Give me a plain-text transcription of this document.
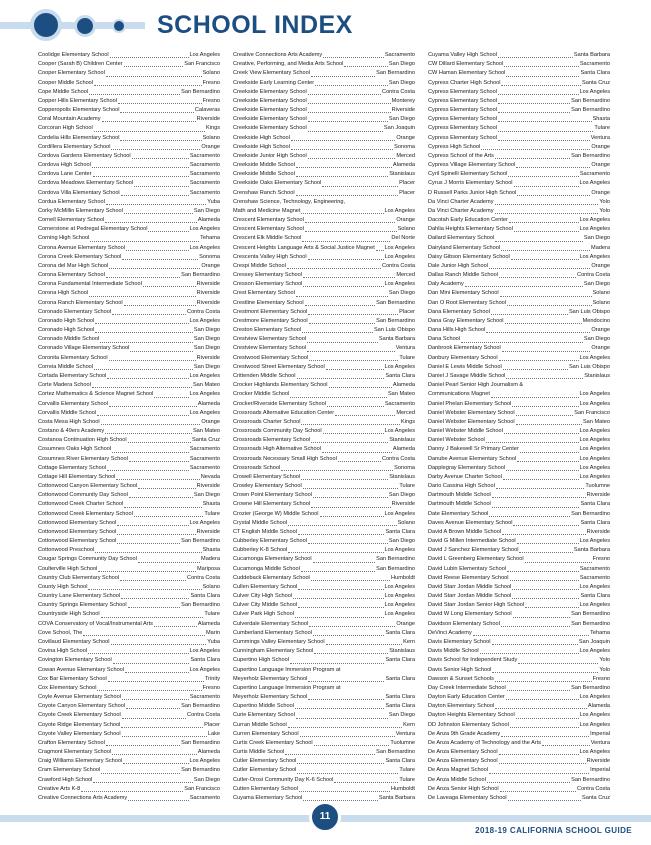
SCHOOL INDEX
Coolidge Elementary School	Los Angeles
Cooper (Sarah B) Children Center	San Francisco
Cooper Elementary School	Solano
Cooper Middle School	Fresno
Cope Middle School	San Bernardino
Copper Hills Elementary School	Fresno
Copperopolis Elementary School	Calaveras
Coral Mountain Academy	Riverside
Corcoran High School	Kings
Cordelia Hills Elementary School	Solano
Cordillera Elementary School	Orange
Cordova Gardens Elementary School	Sacramento
Cordova High School	Sacramento
Cordova Lane Center	Sacramento
Cordova Meadows Elementary School	Sacramento
Cordova Villa Elementary School	Sacramento
Cordua Elementary School	Yuba
Corky McMillin Elementary School	San Diego
Cornell Elementary School	Alameda
Cornerstone at Pedregal Elementary School	Los Angeles
Corning High School	Tehama
Corona Avenue Elementary School	Los Angeles
Corona Creek Elementary School	Sonoma
Corona del Mar High School	Orange
Corona Elementary School	San Bernardino
Corona Fundamental Intermediate School	Riverside
Corona High School	Riverside
Corona Ranch Elementary School	Riverside
Coronado Elementary School	Contra Costa
Coronado High School	Los Angeles
Coronado High School	San Diego
Coronado Middle School	San Diego
Coronado Village Elementary School	San Diego
Coronita Elementary School	Riverside
Correia Middle School	San Diego
Cortada Elementary School	Los Angeles
Corte Madera School	San Mateo
Cortez Mathematics & Science Magnet School	Los Angeles
Corvallis Elementary School	Alameda
Corvallis Middle School	Los Angeles
Costa Mesa High School	Orange
Costano & 49ers Academy	San Mateo
Costanoa Continuation High School	Santa Cruz
Cosumnes Oaks High School	Sacramento
Cosumnes River Elementary School	Sacramento
Cottage Elementary School	Sacramento
Cottage Hill Elementary School	Nevada
Cottonwood Canyon Elementary School	Riverside
Cottonwood Community Day School	San Diego
Cottonwood Creek Charter School	Shasta
Cottonwood Creek Elementary School	Tulare
Cottonwood Elementary School	Los Angeles
Cottonwood Elementary School	Riverside
Cottonwood Elementary School	San Bernardino
Cottonwood Preschool	Shasta
Cougar Springs Community Day School	Madera
Coulterville High School	Mariposa
Country Club Elementary School	Contra Costa
County High School	Solano
Country Lane Elementary School	Santa Clara
Country Springs Elementary School	San Bernardino
Countryside High School	Tulare
COVA Conservatory of Vocal/Instrumental Arts	Alameda
Cove School, The	Marin
Covillaud Elementary School	Yuba
Covina High School	Los Angeles
Covington Elementary School	Santa Clara
Cowan Avenue Elementary School	Los Angeles
Cox Bar Elementary School	Trinity
Cox Elementary School	Fresno
Coyle Avenue Elementary School	Sacramento
Coyote Canyon Elementary School	San Bernardino
Coyote Creek Elementary School	Contra Costa
Coyote Ridge Elementary School	Placer
Coyote Valley Elementary School	Lake
Crafton Elementary School	San Bernardino
Cragmont Elementary School	Alameda
Craig Williams Elementary School	Los Angeles
Cram Elementary School	San Bernardino
Crawford High School	San Diego
Creative Arts K-8	San Francisco
Creative Connections Arts Academy	Sacramento
Creative Connections Arts Academy	Sacramento
Creative, Performing, and Media Arts School	San Diego
Creek View Elementary School	San Bernardino
Creekside Early Learning Center	San Diego
Creekside Elementary School	Contra Costa
Creekside Elementary School	Monterey
Creekside Elementary School	Riverside
Creekside Elementary School	San Diego
Creekside Elementary School	San Joaquin
Creekside High School	Orange
Creekside High School	Sonoma
Creekside Junior High School	Merced
Creekside Middle School	Alameda
Creekside Middle School	Stanislaus
Creekside Oaks Elementary School	Placer
Crenshaw Ranch School	Placer
Crenshaw Science, Technology, Engineering,
Math and Medicine Magnet	Los Angeles
Crescent Elementary School	Orange
Crescent Elementary School	Solano
Crescent Elk Middle School	Del Norte
Crescent Heights Language Arts & Social Justice Magnet Los Angeles
Crescenta Valley High School	Los Angeles
Crespi Middle School	Contra Costa
Cressey Elementary School	Merced
Cresson Elementary School	Los Angeles
Crest Elementary School	San Diego
Crestline Elementary School	San Bernardino
Crestmont Elementary School	Placer
Crestmore Elementary School	San Bernardino
Creston Elementary School	San Luis Obispo
Crestview Elementary School	Santa Barbara
Crestview Elementary School	Ventura
Crestwood Elementary School	Tulare
Crestwood Street Elementary School	Los Angeles
Crittenden Middle School	Santa Clara
Crocker Highlands Elementary School	Alameda
Crocker Middle School	San Mateo
Crocker/Riverside Elementary School	Sacramento
Crossroads Alternative Education Center	Merced
Crossroads Charter School	Kings
Crossroads Community Day School	Los Angeles
Crossroads Elementary School	Stanislaus
Crossroads High Alternative School	Alameda
Crossroads Necessary Small High School	Contra Costa
Crossroads School	Sonoma
Crowell Elementary School	Stanislaus
Crowley Elementary School	Tulare
Crown Point Elementary School	San Diego
Crowne Hill Elementary School	Riverside
Crozier (George W) Middle School	Los Angeles
Crystal Middle School	Solano
CT English Middle School	Santa Clara
Cubberley Elementary School	San Diego
Cubberley K-8 School	Los Angeles
Cucamonga Elementary School	San Bernardino
Cucamonga Middle School	San Bernardino
Cuddeback Elementary School	Humboldt
Cullen Elementary School	Los Angeles
Culver City High School	Los Angeles
Culver City Middle School	Los Angeles
Culver Park High School	Los Angeles
Culverdale Elementary School	Orange
Cumberland Elementary School	Santa Clara
Cummings Valley Elementary School	Kern
Cunningham Elementary School	Stanislaus
Cupertino High School	Santa Clara
Cupertino Language Immersion Program at
Meyerholz Elementary School	Santa Clara
Cupertino Language Immersion Program at
Meyerholz Elementary School	Santa Clara
Cupertino Middle School	Santa Clara
Curie Elementary School	San Diego
Curran Middle School	Kern
Curren Elementary School	Ventura
Curtis Creek Elementary School	Tuolumne
Curtis Middle School	San Bernardino
Cutler Elementary School	Santa Clara
Cutler Elementary School	Tulare
Cutler-Orosi Community Day K-6 School	Tulare
Cutten Elementary School	Humboldt
Cuyama Elementary School	Santa Barbara
Cuyama Valley High School	Santa Barbara
CW Dillard Elementary School	Sacramento
CW Haman Elementary School	Santa Clara
Cypress Charter High School	Santa Cruz
Cypress Elementary School	Los Angeles
Cypress Elementary School	San Bernardino
Cypress Elementary School	San Bernardino
Cypress Elementary School	Shasta
Cypress Elementary School	Tulare
Cypress Elementary School	Ventura
Cypress High School	Orange
Cypress School of the Arts	San Bernardino
Cypress Village Elementary School	Orange
Cyril Spinelli Elementary School	Sacramento
Cyrus J Morris Elementary School	Los Angeles
D Russell Parks Junior High School	Orange
Da Vinci Charter Academy	Yolo
Da Vinci Charter Academy	Yolo
Dacotah Early Education Center	Los Angeles
Dahlia Heights Elementary School	Los Angeles
Dailard Elementary School	San Diego
Dairyland Elementary School	Madera
Daisy Gibson Elementary School	Los Angeles
Dale Junior High School	Orange
Dallas Ranch Middle School	Contra Costa
Daly Academy	San Diego
Dan Mini Elementary School	Solano
Dan O Root Elementary School	Solano
Dana Elementary School	San Luis Obispo
Dana Gray Elementary School	Mendocino
Dana Hills High School	Orange
Dana School	San Diego
Danbrook Elementary School	Orange
Danbury Elementary School	Los Angeles
Daniel E Lewis Middle School	San Luis Obispo
Daniel J Savage Middle School	Stanislaus
Daniel Pearl Senior High Journalism &
Communications Magnet	Los Angeles
Daniel Phelan Elementary School	Los Angeles
Daniel Webster Elementary School	San Francisco
Daniel Webster Elementary School	San Mateo
Daniel Webster Middle School	Los Angeles
Daniel Webster School	Los Angeles
Danny J Bakewell Sr Primary Center	Los Angeles
Danube Avenue Elementary School	Los Angeles
Dapplegray Elementary School	Los Angeles
Darby Avenue Charter School	Los Angeles
Dario Cassina High School	Tuolumne
Dartmouth Middle School	Riverside
Dartmouth Middle School	Santa Clara
Date Elementary School	San Bernardino
Daves Avenue Elementary School	Santa Clara
David A Brown Middle School	Riverside
David G Millen Intermediate School	Los Angeles
David J Sanchez Elementary School	Santa Barbara
David L Greenberg Elementary School	Fresno
David Lubin Elementary School	Sacramento
David Reese Elementary School	Sacramento
David Starr Jordan Middle School	Los Angeles
David Starr Jordan Middle School	Santa Clara
David Starr Jordan Senior High School	Los Angeles
David W Long Elementary School	San Bernardino
Davidson Elementary School	San Bernardino
DeVinci Academy	Tehama
Davis Elementary School	San Joaquin
Davis Middle School	Los Angeles
Davis School for Independent Study	Yolo
Davis Senior High School	Yolo
Dawson & Sunset Schools	Fresno
Day Creek Intermediate School	San Bernardino
Dayton Early Education Center	Los Angeles
Dayton Elementary School	Alameda
Dayton Heights Elementary School	Los Angeles
DD Johnston Elementary School	Los Angeles
De Anza 9th Grade Academy	Imperial
De Anza Academy of Technology and the Arts	Ventura
De Anza Elementary School	Los Angeles
De Anza Elementary School	Riverside
De Anza Magnet School	Imperial
De Anza Middle School	San Bernardino
De Anza Senior High School	Contra Costa
De Laveaga Elementary School	Santa Cruz
11
2018-19 CALIFORNIA SCHOOL GUIDE
